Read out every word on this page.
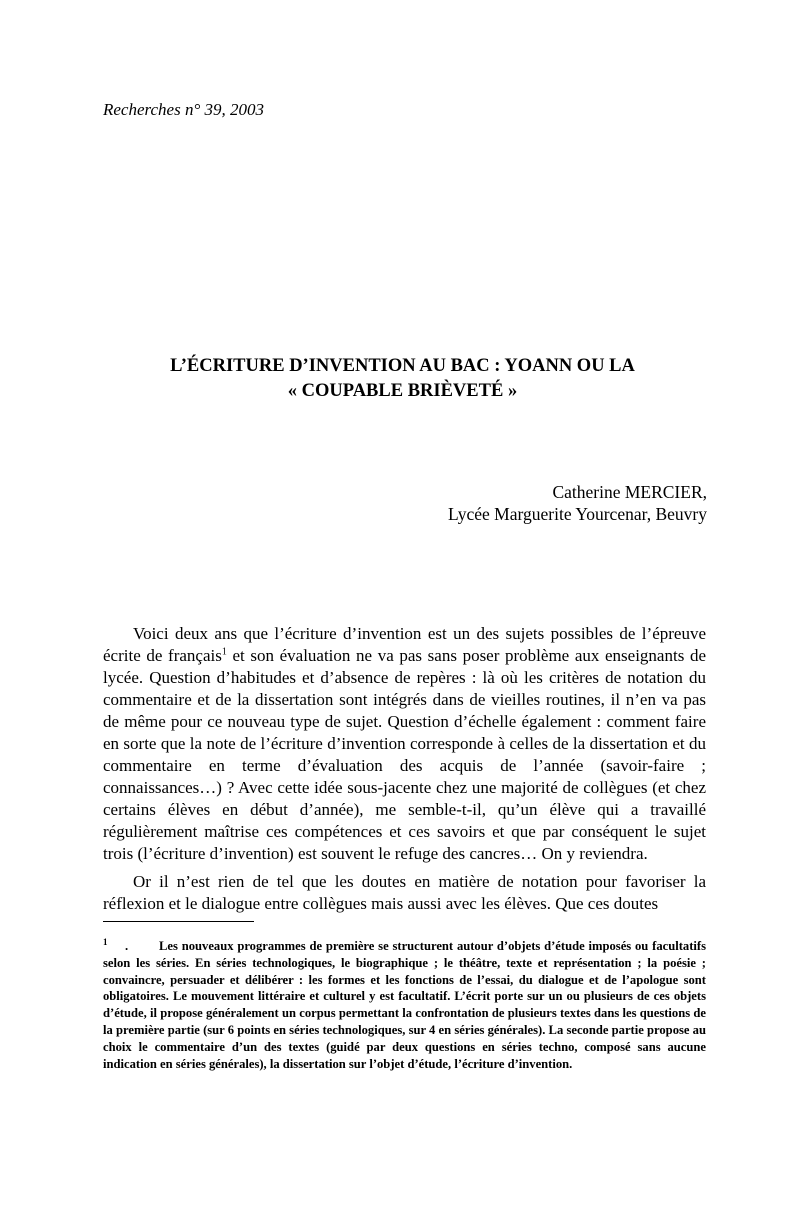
Recherches n° 39, 2003
L’ÉCRITURE D’INVENTION AU BAC : YOANN OU LA
« COUPABLE BRIÈVETÉ »
Catherine MERCIER,
Lycée Marguerite Yourcenar, Beuvry

Voici deux ans que l’écriture d’invention est un des sujets possibles de l’épreuve écrite de français$^1$ et son évaluation ne va pas sans poser problème aux enseignants de lycée. Question d’habitudes et d’absence de repères : là où les critères de notation du commentaire et de la dissertation sont intégrés dans de vieilles routines, il n’en va pas de même pour ce nouveau type de sujet. Question d’échelle également : comment faire en sorte que la note de l’écriture d’invention corresponde à celles de la dissertation et du commentaire en terme d’évaluation des acquis de l’année (savoir-faire ; connaissances…) ? Avec cette idée sous-jacente chez une majorité de collègues (et chez certains élèves en début d’année), me semble-t-il, qu’un élève qui a travaillé régulièrement maîtrise ces compétences et ces savoirs et que par conséquent le sujet trois (l’écriture d’invention) est souvent le refuge des cancres… On y reviendra.

Or il n’est rien de tel que les doutes en matière de notation pour favoriser la réflexion et le dialogue entre collègues mais aussi avec les élèves. Que ces doutes

1 . Les nouveaux programmes de première se structurent autour d’objets d’étude imposés ou facultatifs selon les séries. En séries technologiques, le biographique ; le théâtre, texte et représentation ; la poésie ; convaincre, persuader et délibérer : les formes et les fonctions de l’essai, du dialogue et de l’apologue sont obligatoires. Le mouvement littéraire et culturel y est facultatif. L’écrit porte sur un ou plusieurs de ces objets d’étude, il propose généralement un corpus permettant la confrontation de plusieurs textes dans les questions de la première partie (sur 6 points en séries technologiques, sur 4 en séries générales). La seconde partie propose au choix le commentaire d’un des textes (guidé par deux questions en séries techno, composé sans aucune indication en séries générales), la dissertation sur l’objet d’étude, l’écriture d’invention.
